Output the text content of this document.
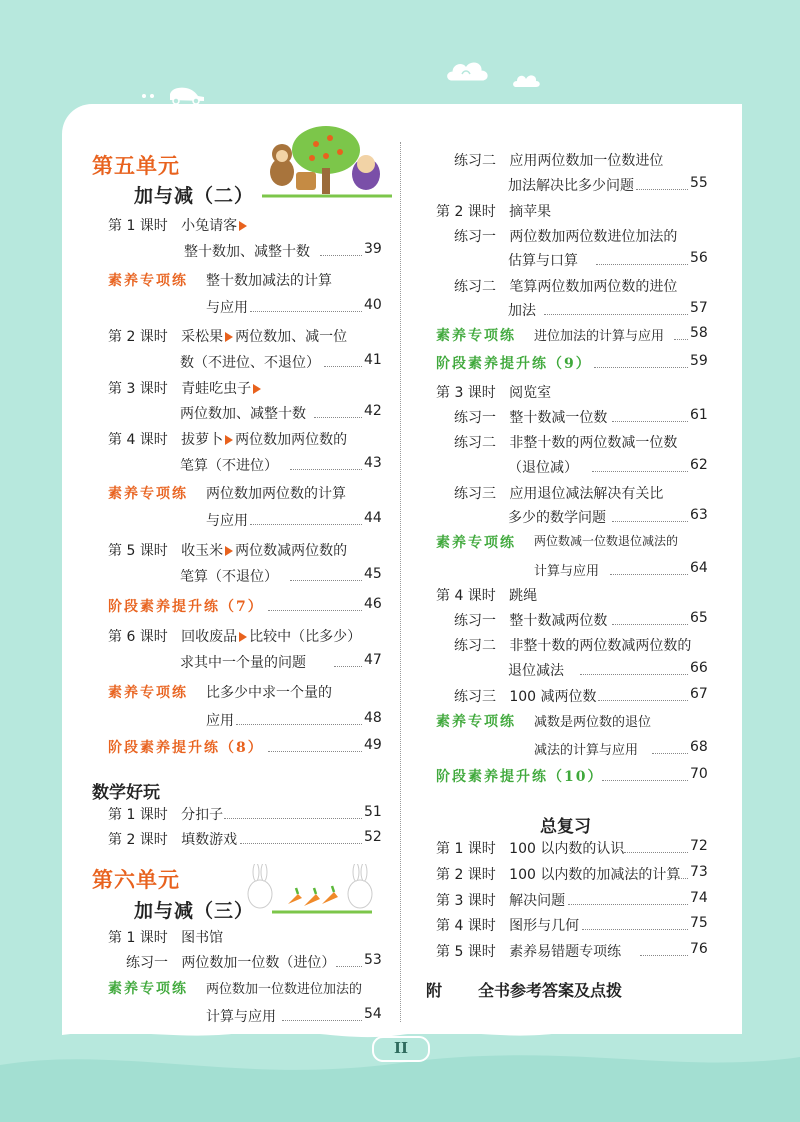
第五单元
加与减（二）
第 1 课时 小兔请客
整十数加、减整十数	39
素养专项练 整十数加减法的计算
与应用	40
第 2 课时 采松果 两位数加、减一位
数（不进位、不退位）	41
第 3 课时 青蛙吃虫子
两位数加、减整十数	42
第 4 课时 拔萝卜 两位数加两位数的
笔算（不进位）	43
素养专项练 两位数加两位数的计算
与应用	44
第 5 课时 收玉米 两位数减两位数的
笔算（不退位）	45
阶段素养提升练（7）	46
第 6 课时 回收废品 比较中（比多少）
求其中一个量的问题	47
素养专项练 比多少中求一个量的
应用	48
阶段素养提升练（8）	49
数学好玩
第 1 课时 分扣子	51
第 2 课时 填数游戏	52
第六单元
加与减（三）
第 1 课时 图书馆
练习一 两位数加一位数（进位） 53
素养专项练 两位数加一位数进位加法的
计算与应用	54
练习二 应用两位数加一位数进位
加法解决比多少问题	55
第 2 课时 摘苹果
练习一 两位数加两位数进位加法的
估算与口算	56
练习二 笔算两位数加两位数的进位
加法	57
素养专项练 进位加法的计算与应用 58
阶段素养提升练（9）	59
第 3 课时 阅览室
练习一 整十数减一位数	61
练习二 非整十数的两位数减一位数
（退位减）	62
练习三 应用退位减法解决有关比
多少的数学问题	63
素养专项练 两位数减一位数退位减法的
计算与应用	64
第 4 课时 跳绳
练习一 整十数减两位数	65
练习二 非整十数的两位数减两位数的
退位减法	66
练习三 100 减两位数	67
素养专项练 减数是两位数的退位
减法的计算与应用	68
阶段素养提升练（10）	70
总复习
第 1 课时 100 以内数的认识	72
第 2 课时 100 以内数的加减法的计算 73
第 3 课时 解决问题	74
第 4 课时 图形与几何	75
第 5 课时 素养易错题专项练	76
附 全书参考答案及点拨
II
